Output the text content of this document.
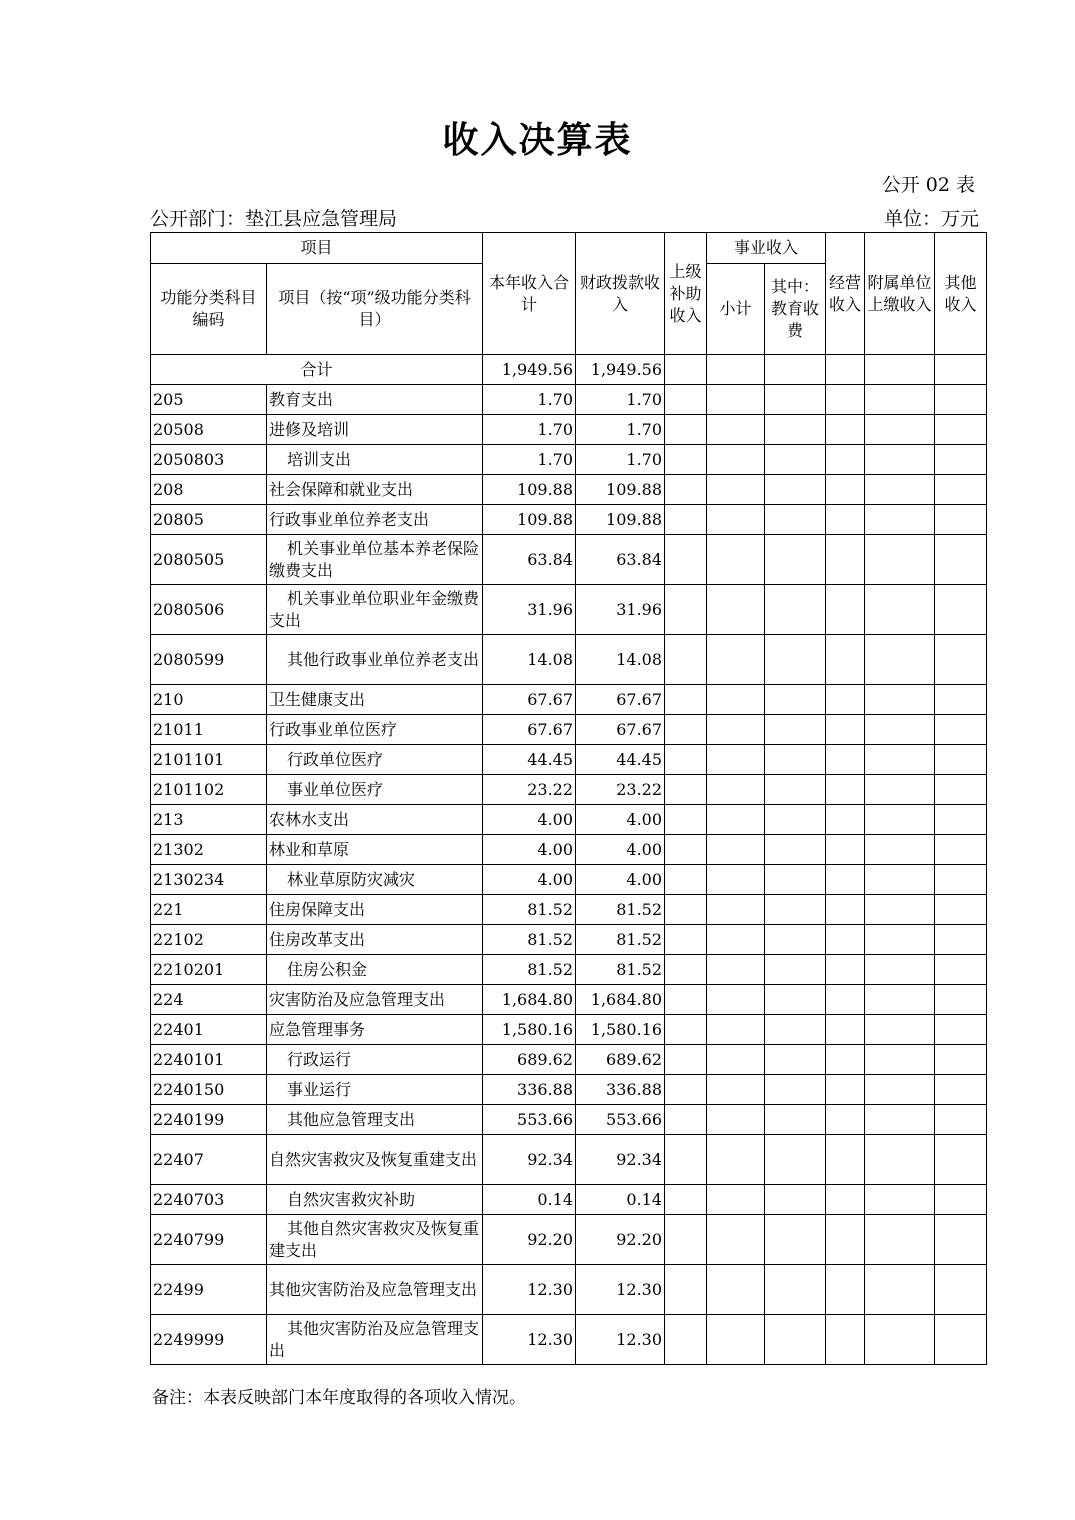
收入决算表
公开 02 表
公开部门：垫江县应急管理局	单位：万元
项目		本年收入合计	财政拨款收入	上级补助收入	事业收入		经营收入	附属单位上缴收入	其他收入
功能分类科目编码	项目（按“项”级功能分类科目）				小计	其中：教育收费			
合计		1,949.56	1,949.56						
205	教育支出	1.70	1.70						
20508	进修及培训	1.70	1.70						
2050803	培训支出	1.70	1.70						
208	社会保障和就业支出	109.88	109.88						
20805	行政事业单位养老支出	109.88	109.88						
2080505	机关事业单位基本养老保险缴费支出	63.84	63.84						
2080506	机关事业单位职业年金缴费支出	31.96	31.96						
2080599	其他行政事业单位养老支出	14.08	14.08						
210	卫生健康支出	67.67	67.67						
21011	行政事业单位医疗	67.67	67.67						
2101101	行政单位医疗	44.45	44.45						
2101102	事业单位医疗	23.22	23.22						
213	农林水支出	4.00	4.00						
21302	林业和草原	4.00	4.00						
2130234	林业草原防灾减灾	4.00	4.00						
221	住房保障支出	81.52	81.52						
22102	住房改革支出	81.52	81.52						
2210201	住房公积金	81.52	81.52						
224	灾害防治及应急管理支出	1,684.80	1,684.80						
22401	应急管理事务	1,580.16	1,580.16						
2240101	行政运行	689.62	689.62						
2240150	事业运行	336.88	336.88						
2240199	其他应急管理支出	553.66	553.66						
22407	自然灾害救灾及恢复重建支出	92.34	92.34						
2240703	自然灾害救灾补助	0.14	0.14						
2240799	其他自然灾害救灾及恢复重建支出	92.20	92.20						
22499	其他灾害防治及应急管理支出	12.30	12.30						
2249999	其他灾害防治及应急管理支出	12.30	12.30						
备注：本表反映部门本年度取得的各项收入情况。
